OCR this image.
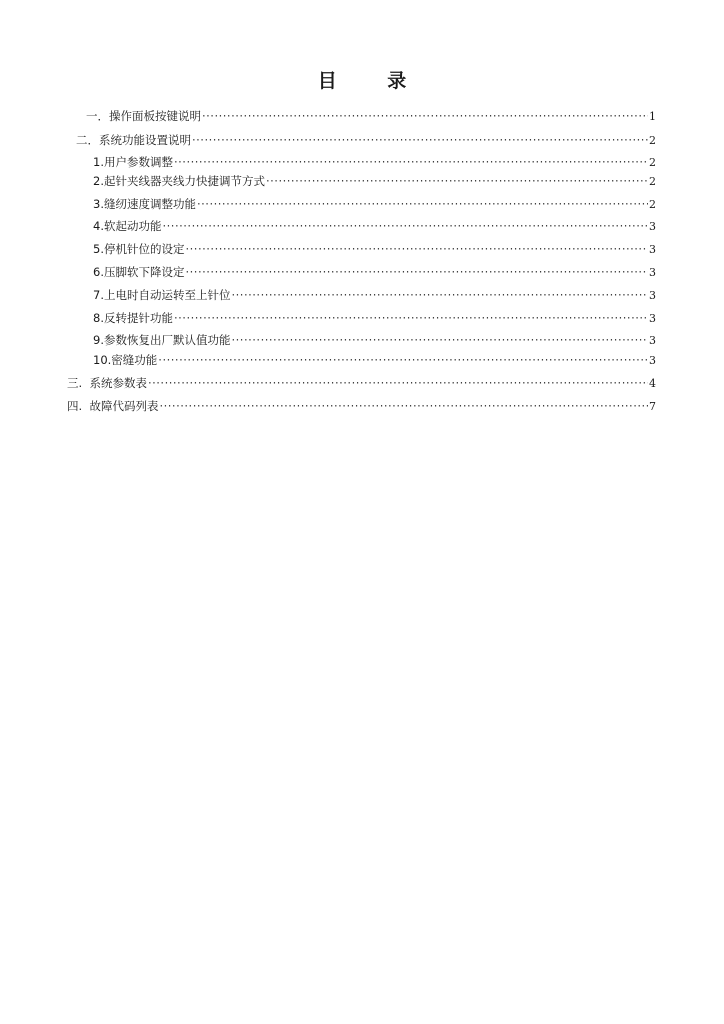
目 录
一．操作面板按键说明 ·····	1
二．系统功能设置说明 ·····	2
1.用户参数调整 ·····	2
2.起针夹线器夹线力快捷调节方式 ·····	2
3.缝纫速度调整功能 ·····	2
4.软起动功能 ·····	3
5.停机针位的设定 ·····	3
6.压脚软下降设定 ·····	3
7.上电时自动运转至上针位 ·····	3
8.反转提针功能 ·····	3
9.参数恢复出厂默认值功能 ·····	3
10.密缝功能 ·····	3
三.  系统参数表 ·····	4
四.  故障代码列表 ·····	7
